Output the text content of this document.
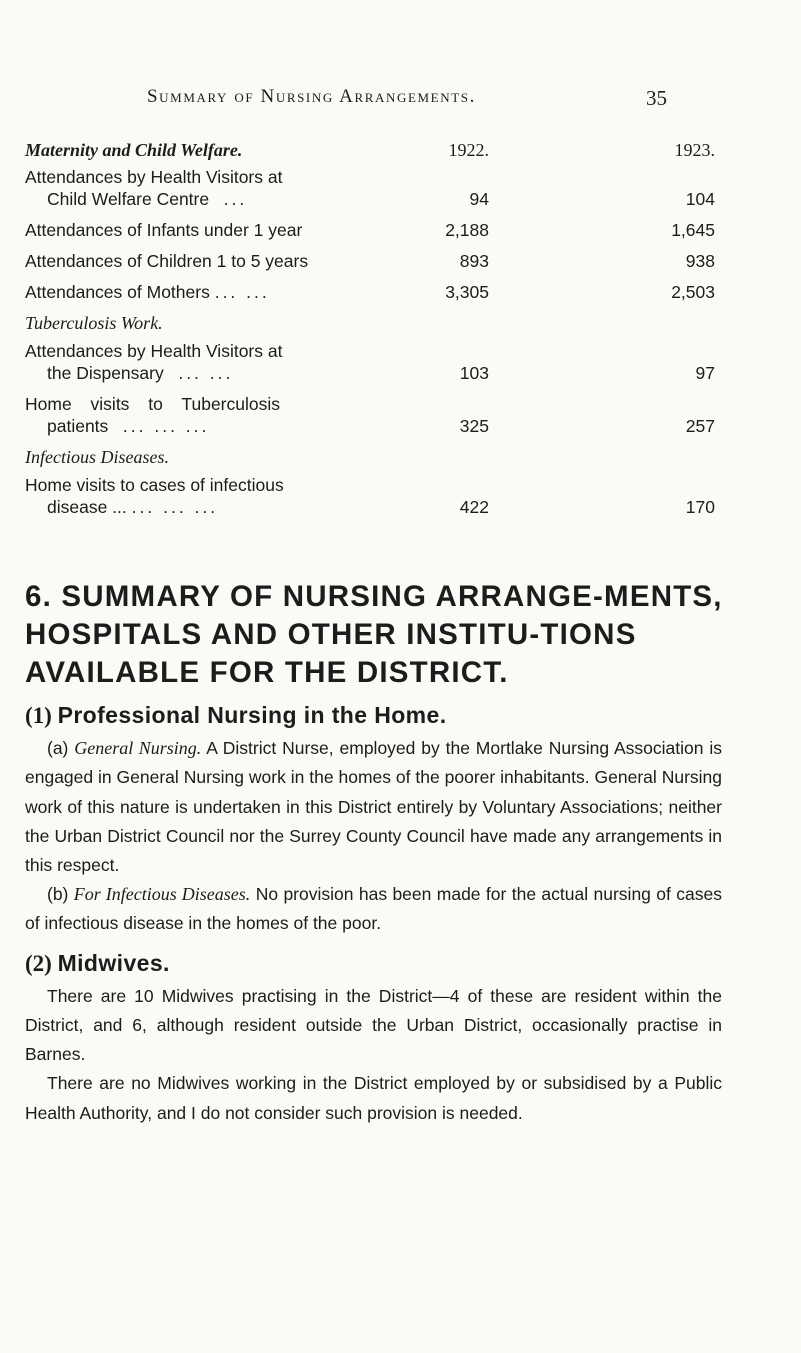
Summary of Nursing Arrangements.	35
Maternity and Child Welfare.	1922.	1923.
Attendances by Health Visitors at
Child Welfare Centre ...	94	104
Attendances of Infants under 1 year	2,188	1,645
Attendances of Children 1 to 5 years	893	938
Attendances of Mothers ... ...	3,305	2,503
Tuberculosis Work.
Attendances by Health Visitors at
the Dispensary ... ...	103	97
Home visits to Tuberculosis
patients ... ... ...	325	257
Infectious Diseases.
Home visits to cases of infectious
disease ... ... ... ...	422	170
6. SUMMARY OF NURSING ARRANGE-MENTS, HOSPITALS AND OTHER INSTITU-TIONS AVAILABLE FOR THE DISTRICT.
(1) Professional Nursing in the Home.

(a) General Nursing. A District Nurse, employed by the Mortlake Nursing Association is engaged in General Nursing work in the homes of the poorer inhabitants. General Nursing work of this nature is undertaken in this District entirely by Voluntary Associations; neither the Urban District Council nor the Surrey County Council have made any arrangements in this respect.

(b) For Infectious Diseases. No provision has been made for the actual nursing of cases of infectious disease in the homes of the poor.

(2) Midwives.

There are 10 Midwives practising in the District—4 of these are resident within the District, and 6, although resident outside the Urban District, occasionally practise in Barnes.

There are no Midwives working in the District employed by or subsidised by a Public Health Authority, and I do not consider such provision is needed.
